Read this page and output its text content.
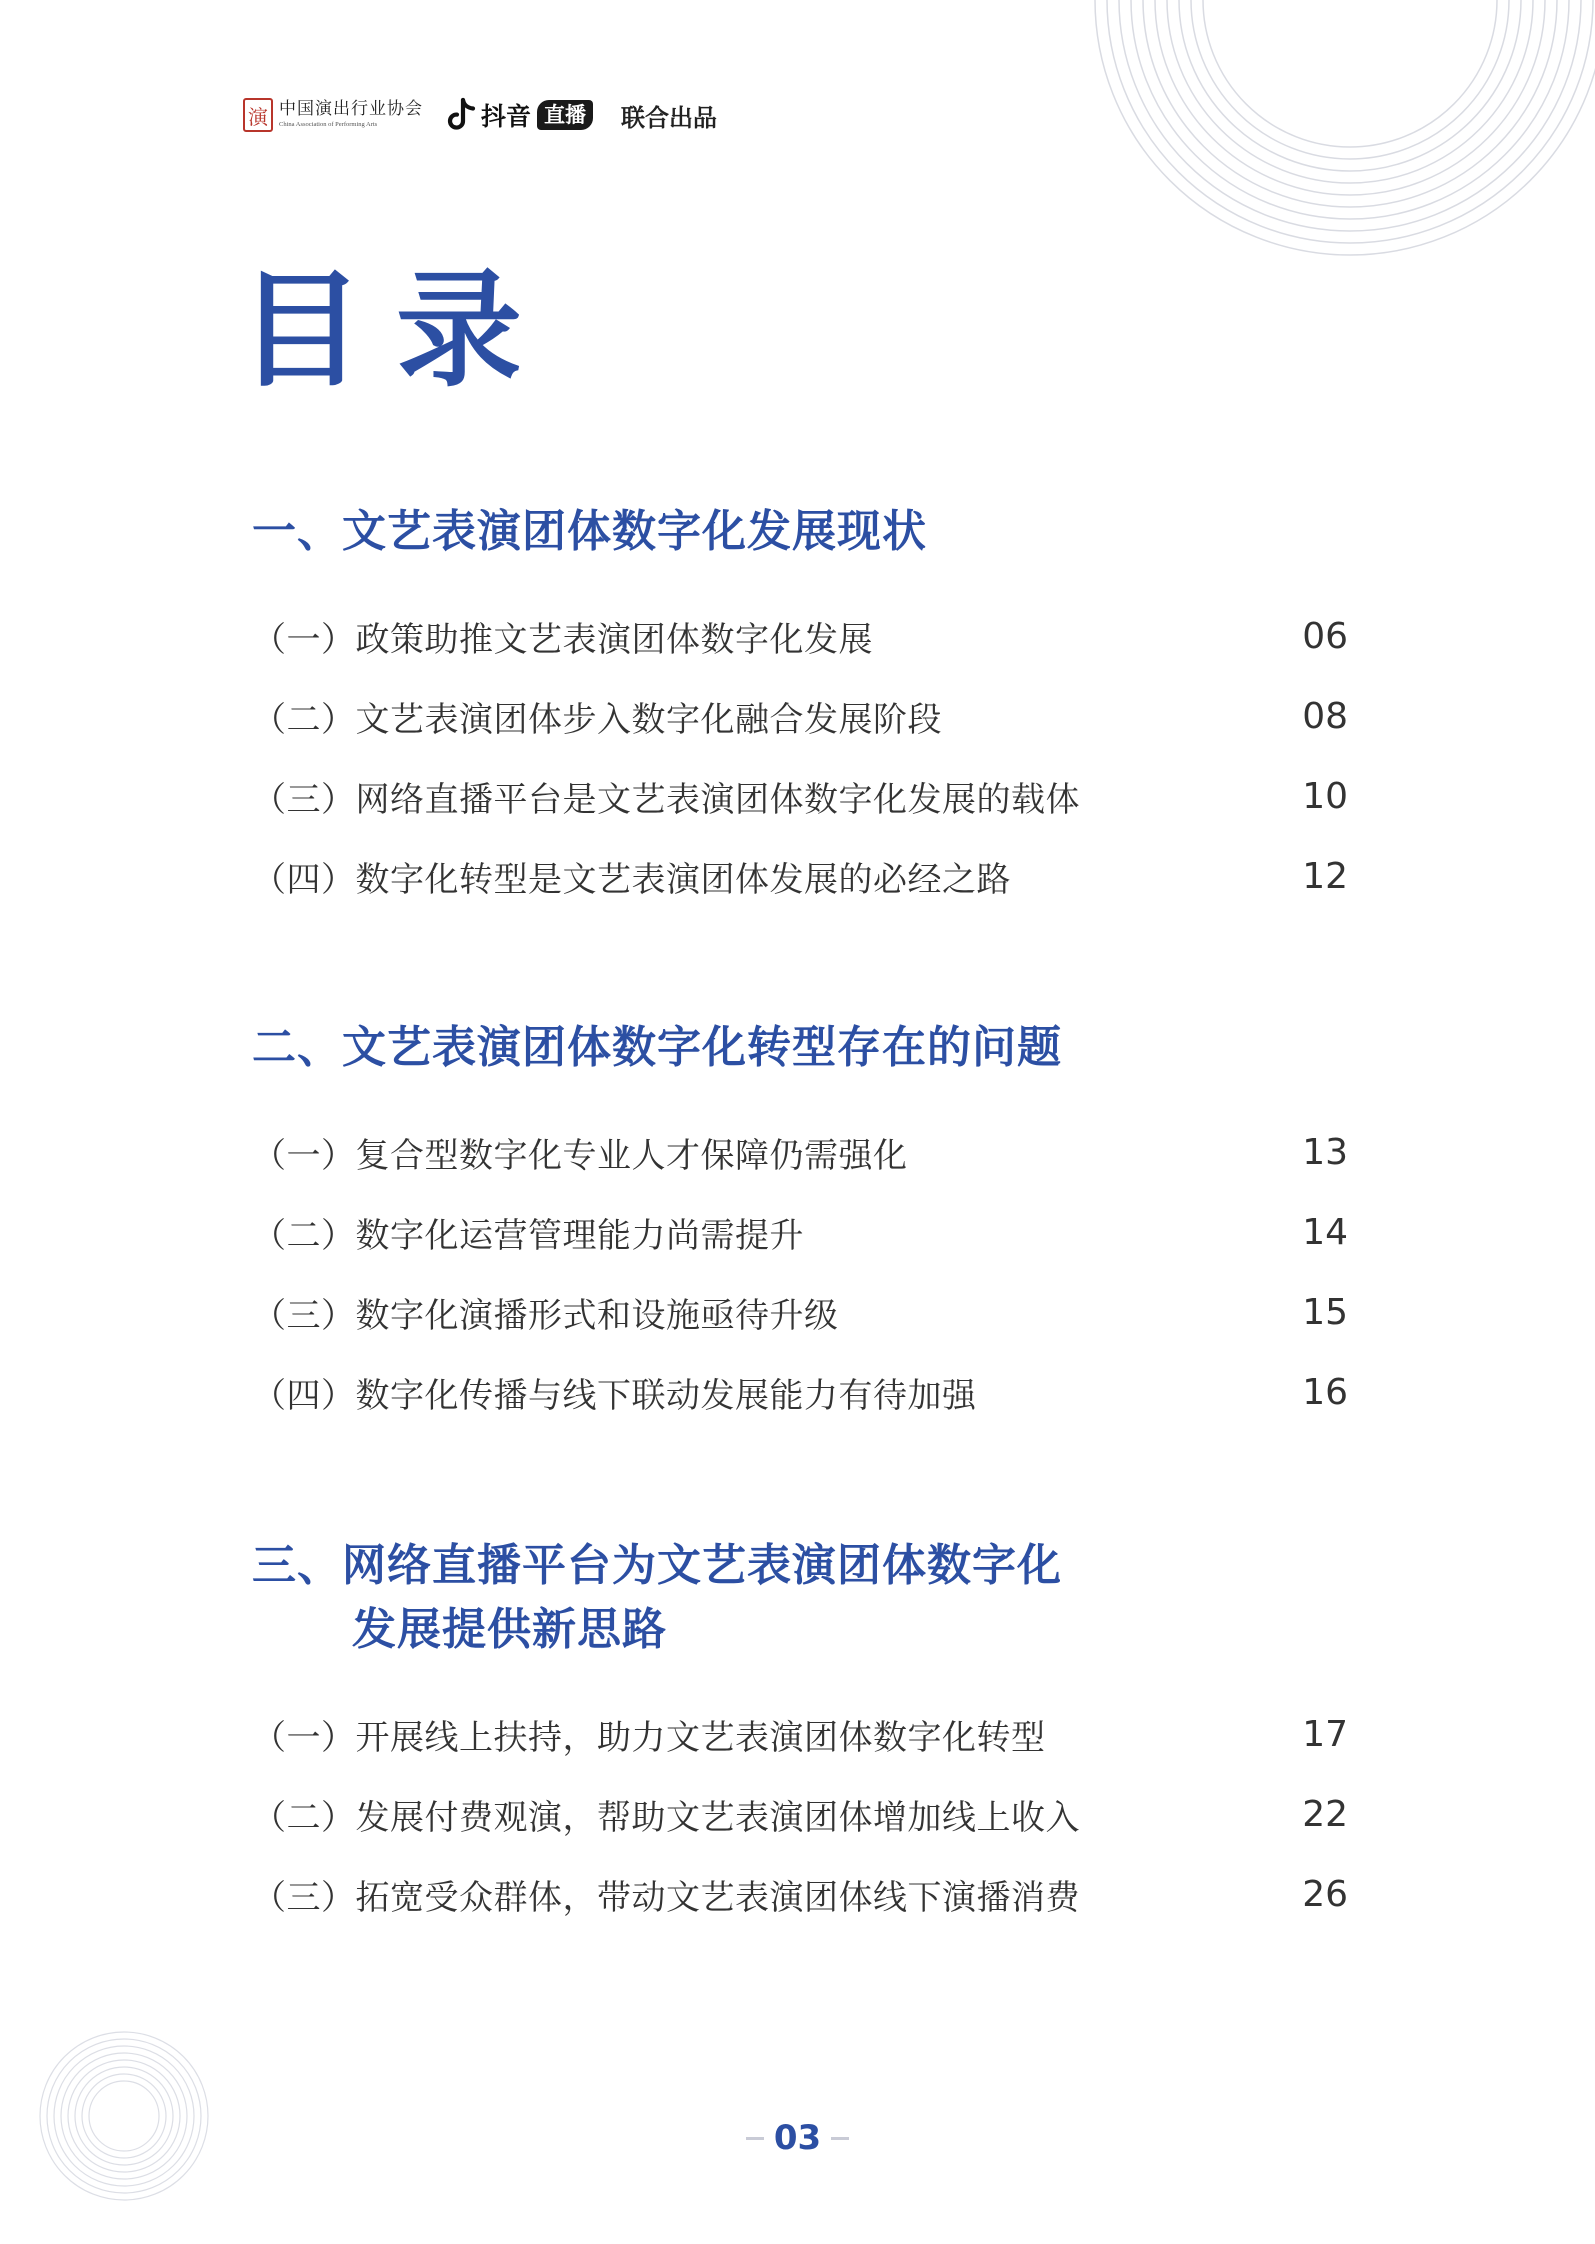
演 中国演出行业协会
China Association of Performing Arts	抖音 直播 联合出品
目录
一、文艺表演团体数字化发展现状
（一）政策助推文艺表演团体数字化发展	06
（二）文艺表演团体步入数字化融合发展阶段	08
（三）网络直播平台是文艺表演团体数字化发展的载体	10
（四）数字化转型是文艺表演团体发展的必经之路	12
二、文艺表演团体数字化转型存在的问题
（一）复合型数字化专业人才保障仍需强化	13
（二）数字化运营管理能力尚需提升	14
（三）数字化演播形式和设施亟待升级	15
（四）数字化传播与线下联动发展能力有待加强	16
三、网络直播平台为文艺表演团体数字化
发展提供新思路
（一）开展线上扶持，助力文艺表演团体数字化转型	17
（二）发展付费观演，帮助文艺表演团体增加线上收入	22
（三）拓宽受众群体，带动文艺表演团体线下演播消费	26
03
